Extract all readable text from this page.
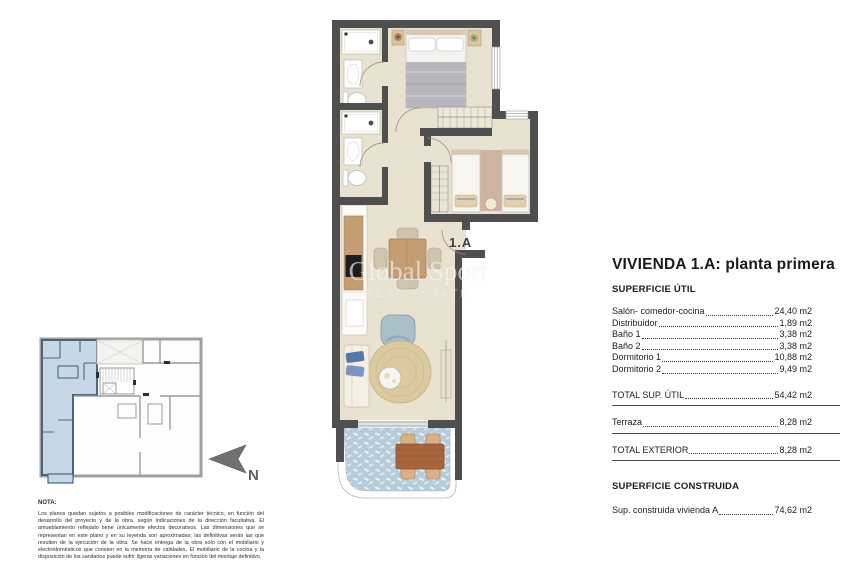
1.A
Global Sport
REAL ESTATE
N
VIVIENDA 1.A: planta primera
SUPERFICIE ÚTIL
Salón- comedor-cocina	24,40 m2
Distribuidor	1,89 m2
Baño 1	3,38 m2
Baño 2	3,38 m2
Dormitorio 1	10,88 m2
Dormitorio 2	9,49 m2
TOTAL SUP. ÚTIL	54,42 m2
Terraza	8,28 m2
TOTAL EXTERIOR	8,28 m2
SUPERFICIE CONSTRUIDA
Sup. construida vivienda A	74,62 m2
NOTA:
Los planos quedan sujetos a posibles modificaciones de carácter técnico, en función del desarrollo del proyecto y de la obra, según indicaciones de la dirección facultativa. El amueblamiento reflejado tiene únicamente efectos decorativos. Las dimensiones que se representan en este plano y en su leyenda son aproximadas; las definitivas serán las que resulten de la ejecución de la obra. Se hace entrega de la obra solo con el mobiliario y electrodomésticos que consten en la memoria de calidades. El mobiliario de la cocina y la disposición de los sanitarios puede sufrir ligeras variaciones en función del montaje definitivo.
